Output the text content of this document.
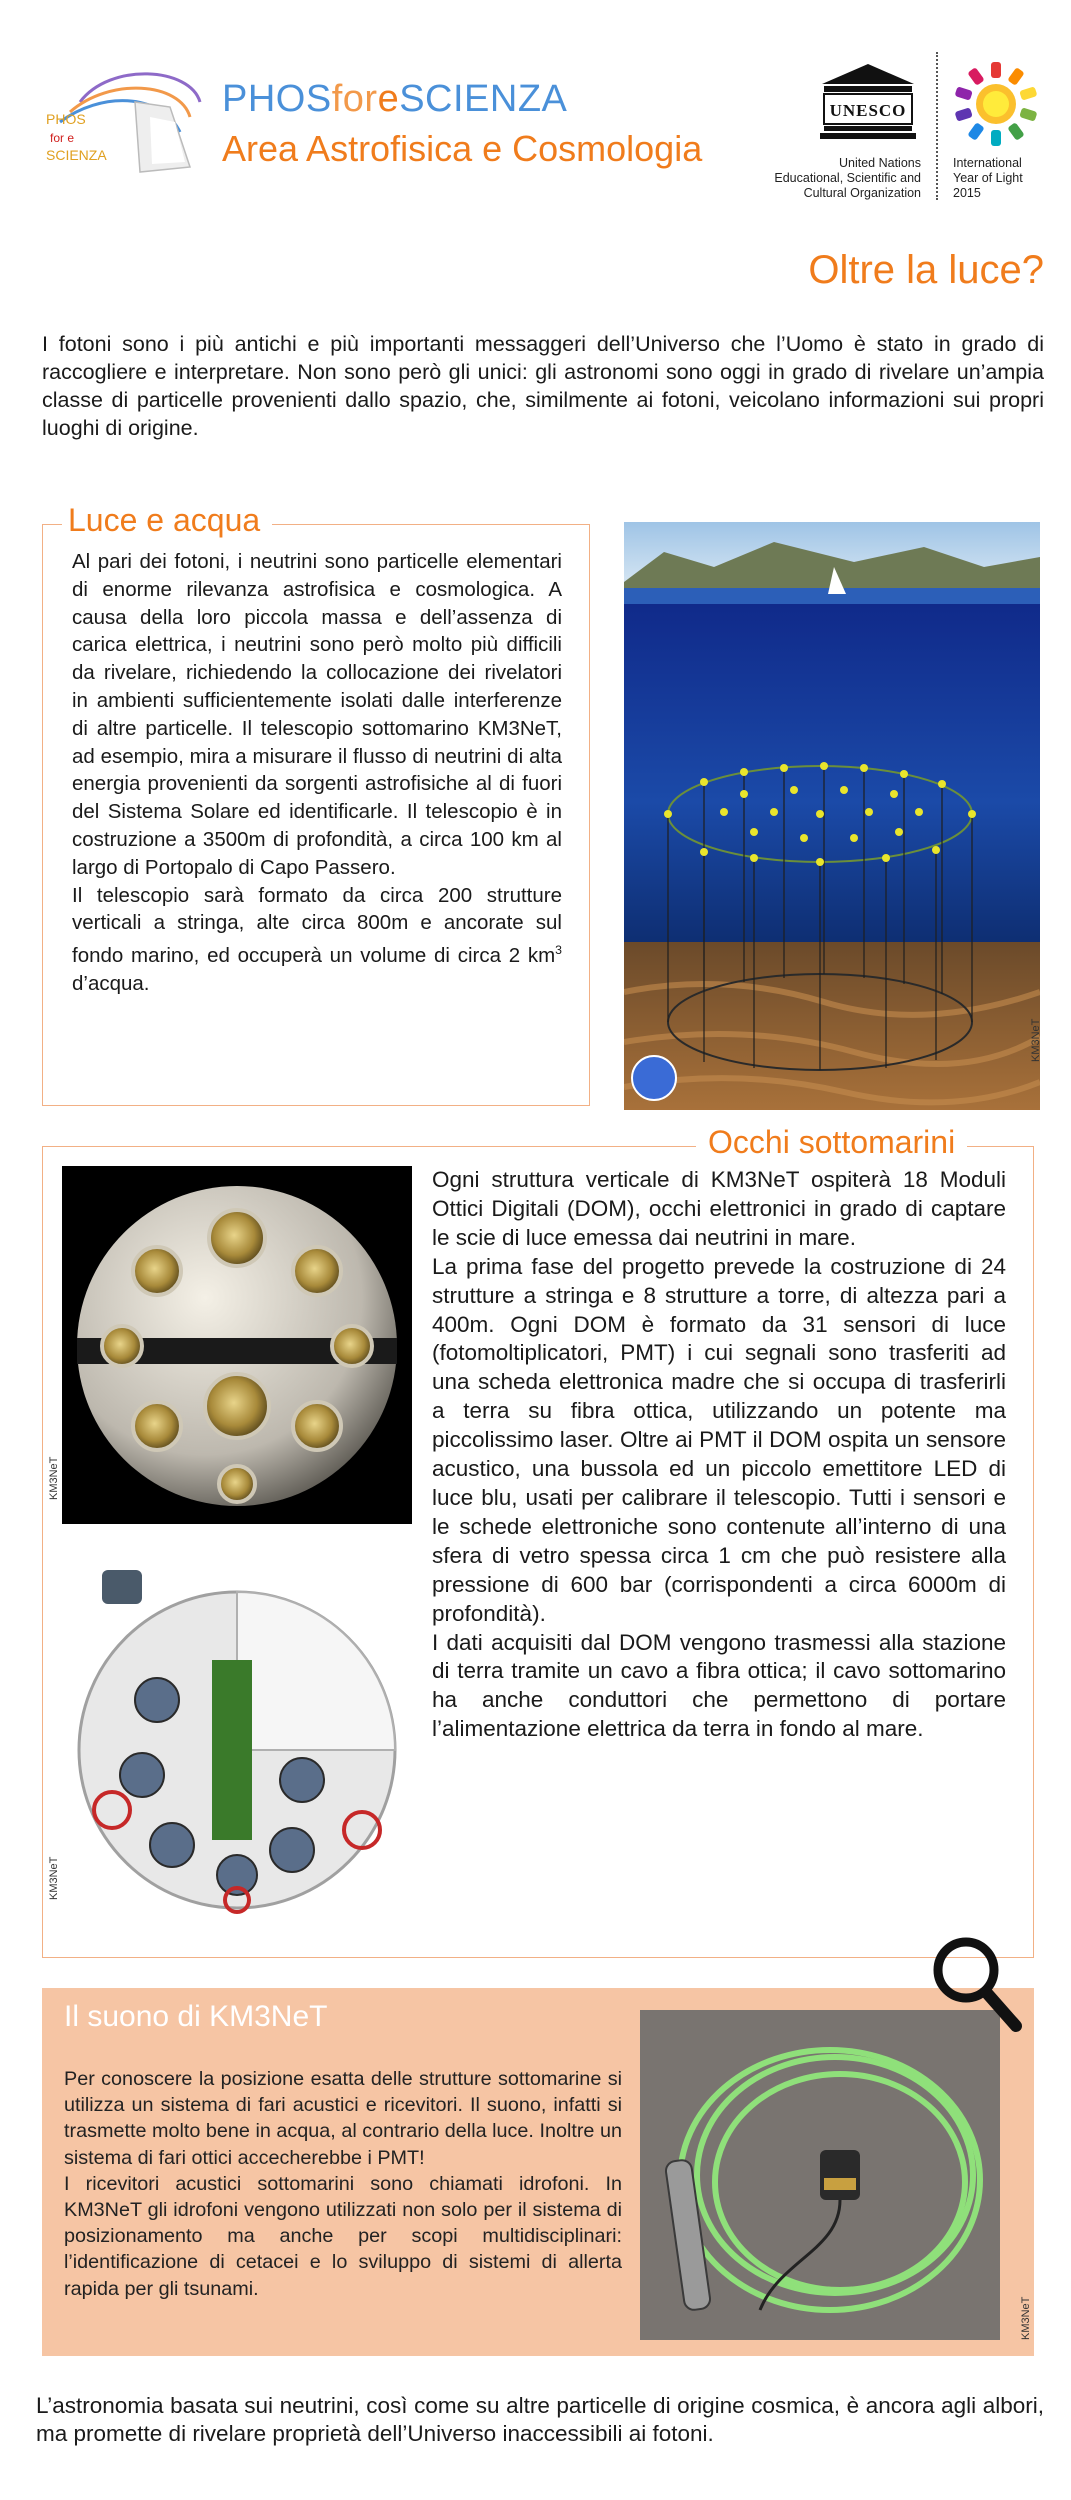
PHOS
for e
SCIENZA
PHOSforeSCIENZA
Area Astrofisica e Cosmologia
UNESCO
United Nations
Educational, Scientific and
Cultural Organization
International
Year of Light
2015
Oltre la luce?
I fotoni sono i più antichi e più importanti messaggeri dell’Universo che l’Uomo è stato in grado di raccogliere e interpretare. Non sono però gli unici: gli astronomi sono oggi in grado di rivelare un’ampia classe di particelle provenienti dallo spazio, che, similmente ai fotoni, veicolano informazioni sui propri luoghi di origine.
Luce e acqua

Al pari dei fotoni, i neutrini sono particelle elementari di enorme rilevanza astrofisica e cosmologica. A causa della loro piccola massa e dell’assenza di carica elettrica, i neutrini sono però molto più difficili da rivelare, richiedendo la collocazione dei rivelatori in ambienti sufficientemente isolati dalle interferenze di altre particelle. Il telescopio sottomarino KM3NeT, ad esempio, mira a misurare il flusso di neutrini di alta energia provenienti da sorgenti astrofisiche al di fuori del Sistema Solare ed identificarle. Il telescopio è in costruzione a 3500m di profondità, a circa 100 km al largo di Portopalo di Capo Passero.

Il telescopio sarà formato da circa 200 strutture verticali a stringa, alte circa 800m e ancorate sul fondo marino, ed occuperà un volume di circa 2 $km^3$ d’acqua.

KM3NeT
Occhi sottomarini
KM3NeT
KM3NeT

Ogni struttura verticale di KM3NeT ospiterà 18 Moduli Ottici Digitali (DOM), occhi elettronici in grado di captare le scie di luce emessa dai neutrini in mare.

La prima fase del progetto prevede la costruzione di 24 strutture a stringa e 8 strutture a torre, di altezza pari a 400m. Ogni DOM è formato da 31 sensori di luce (fotomoltiplicatori, PMT) i cui segnali sono trasferiti ad una scheda elettronica madre che si occupa di trasferirli a terra su fibra ottica, utilizzando un potente ma piccolissimo laser. Oltre ai PMT il DOM ospita un sensore acustico, una bussola ed un piccolo emettitore LED di luce blu, usati per calibrare il telescopio. Tutti i sensori e le schede elettroniche sono contenute all’interno di una sfera di vetro spessa circa 1 cm che può resistere alla pressione di 600 bar (corrispondenti a circa 6000m di profondità).

I dati acquisiti dal DOM vengono trasmessi alla stazione di terra tramite un cavo a fibra ottica; il cavo sottomarino ha anche conduttori che permettono di portare l’alimentazione elettrica da terra in fondo al mare.

Il suono di KM3NeT

Per conoscere la posizione esatta delle strutture sottomarine si utilizza un sistema di fari acustici e ricevitori. Il suono, infatti si trasmette molto bene in acqua, al contrario della luce. Inoltre un sistema di fari ottici accecherebbe i PMT!

I ricevitori acustici sottomarini sono chiamati idrofoni. In KM3NeT gli idrofoni vengono utilizzati non solo per il sistema di posizionamento ma anche per scopi multidisciplinari: l’identificazione di cetacei e lo sviluppo di sistemi di allerta rapida per gli tsunami.

KM3NeT
L’astronomia basata sui neutrini, così come su altre particelle di origine cosmica, è ancora agli albori, ma promette di rivelare proprietà dell’Universo inaccessibili ai fotoni.
